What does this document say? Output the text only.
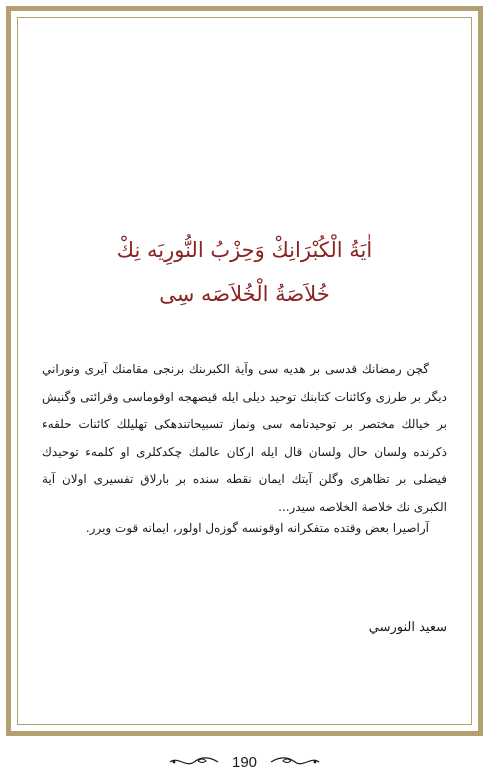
اٰيَةُ الْكُبْرَانِكْ وَحِزْبُ النُّورِيَه نِكْ
خُلاَصَةُ الْخُلاَصَه سِى
گچن رمضانك قدسى بر هديه سى وآية الكبرىنك برنجى مقامنك آيرى ونوراني ديگر بر طرزى وكائنات كتابنك توحيد ديلى ايله قيصهجه اوقوماسى وقرائتى وگنيش بر خيالك مختصر بر توحيدنامه سى ونماز تسبيحاتندهكى تهليلك كائنات حلقهء ذكرنده ولسان حال ولسان قال ايله اركان عالمك چكدكلرى او كلمهء توحيدك فيضلى بر تظاهرى وگلن آيتك ايمان نقطه سنده بر بارلاق تفسيرى اولان آية الكبرى نك خلاصة الخلاصه سيدر...
آراصيرا بعض وقتده متفكرانه اوقونسه گوزەل اولور، ايمانه قوت ويرر.
سعيد النورسي
190
